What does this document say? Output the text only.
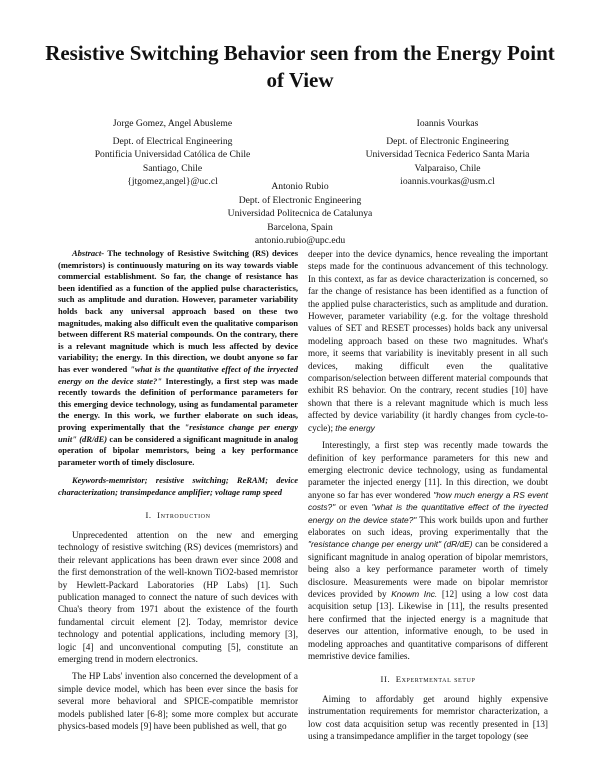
Resistive Switching Behavior seen from the Energy Point of View
Jorge Gomez, Angel Abusleme
Dept. of Electrical Engineering
Pontificia Universidad Católica de Chile
Santiago, Chile
{jtgomez,angel}@uc.cl
Ioannis Vourkas
Dept. of Electronic Engineering
Universidad Tecnica Federico Santa Maria
Valparaiso, Chile
ioannis.vourkas@usm.cl
Antonio Rubio
Dept. of Electronic Engineering
Universidad Politecnica de Catalunya
Barcelona, Spain
antonio.rubio@upc.edu

Abstract- The technology of Resistive Switching (RS) devices (memristors) is continuously maturing on its way towards viable commercial establishment. So far, the change of resistance has been identified as a function of the applied pulse characteristics, such as amplitude and duration. However, parameter variability holds back any universal approach based on these two magnitudes, making also difficult even the qualitative comparison between different RS material compounds. On the contrary, there is a relevant magnitude which is much less affected by device variability; the energy. In this direction, we doubt anyone so far has ever wondered "what is the quantitative effect of the irryected energy on the device state?" Interestingly, a first step was made recently towards the definition of performance parameters for this emerging device technology, using as fundamental parameter the energy. In this work, we further elaborate on such ideas, proving experimentally that the "resistance change per energy unit" (dR/dE) can be considered a significant magnitude in analog operation of bipolar memristors, being a key performance parameter worth of timely disclosure.

Keywords-memristor; resistive switching; ReRAM; device characterization; transimpedance amplifier; voltage ramp speed

I. Introduction

Unprecedented attention on the new and emerging technology of resistive switching (RS) devices (memristors) and their relevant applications has been drawn ever since 2008 and the first demonstration of the well-known TiO2-based memristor by Hewlett-Packard Laboratories (HP Labs) [1]. Such publication managed to connect the nature of such devices with Chua's theory from 1971 about the existence of the fourth fundamental circuit element [2]. Today, memristor device technology and potential applications, including memory [3], logic [4] and unconventional computing [5], constitute an emerging trend in modern electronics.

The HP Labs' invention also concerned the development of a simple device model, which has been ever since the basis for several more behavioral and SPICE-compatible memristor models published later [6-8]; some more complex but accurate physics-based models [9] have been published as well, that go

deeper into the device dynamics, hence revealing the important steps made for the continuous advancement of this technology. In this context, as far as device characterization is concerned, so far the change of resistance has been identified as a function of the applied pulse characteristics, such as amplitude and duration. However, parameter variability (e.g. for the voltage threshold values of SET and RESET processes) holds back any universal modeling approach based on these two magnitudes. What's more, it seems that variability is inevitably present in all such devices, making difficult even the qualitative comparison/selection between different material compounds that exhibit RS behavior. On the contrary, recent studies [10] have shown that there is a relevant magnitude which is much less affected by device variability (it hardly changes from cycle-to-cycle); the energy

Interestingly, a first step was recently made towards the definition of key performance parameters for this new and emerging electronic device technology, using as fundamental parameter the injected energy [11]. In this direction, we doubt anyone so far has ever wondered "how much energy a RS event costs?" or even "what is the quantitative effect of the iryected energy on the device state?" This work builds upon and further elaborates on such ideas, proving experimentally that the "resistance change per energy unit" (dR/dE) can be considered a significant magnitude in analog operation of bipolar memristors, being also a key performance parameter worth of timely disclosure. Measurements were made on bipolar memristor devices provided by Knowm Inc. [12] using a low cost data acquisition setup [13]. Likewise in [11], the results presented here confirmed that the injected energy is a magnitude that deserves our attention, informative enough, to be used in modeling approaches and quantitative comparisons of different memristive device families.

II. Expertmental setup

Aiming to affordably get around highly expensive instrumentation requirements for memristor characterization, a low cost data acquisition setup was recently presented in [13] using a transimpedance amplifier in the target topology (see
